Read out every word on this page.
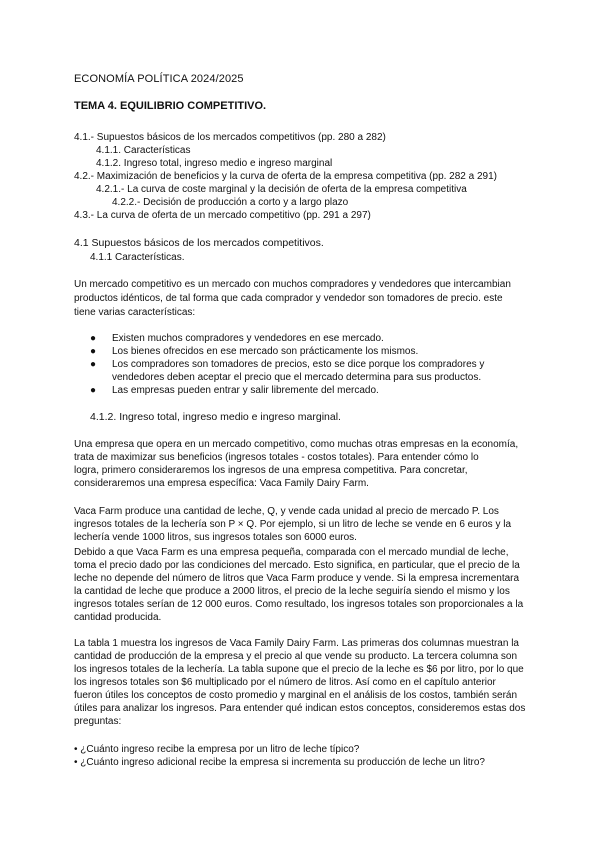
ECONOMÍA POLÍTICA 2024/2025
TEMA 4. EQUILIBRIO COMPETITIVO.
4.1.- Supuestos básicos de los mercados competitivos (pp. 280 a 282)
4.1.1. Características
4.1.2. Ingreso total, ingreso medio e ingreso marginal
4.2.- Maximización de beneficios y la curva de oferta de la empresa competitiva (pp. 282 a 291)
4.2.1.- La curva de coste marginal y la decisión de oferta de la empresa competitiva
4.2.2.- Decisión de producción a corto y a largo plazo
4.3.- La curva de oferta de un mercado competitivo (pp. 291 a 297)
4.1 Supuestos básicos de los mercados competitivos.
4.1.1 Características.
Un mercado competitivo es un mercado con muchos compradores y vendedores que intercambian
productos idénticos, de tal forma que cada comprador y vendedor son tomadores de precio. este
tiene varias características:
● Existen muchos compradores y vendedores en ese mercado.
● Los bienes ofrecidos en ese mercado son prácticamente los mismos.
● Los compradores son tomadores de precios, esto se dice porque los compradores y
vendedores deben aceptar el precio que el mercado determina para sus productos.
● Las empresas pueden entrar y salir libremente del mercado.
4.1.2. Ingreso total, ingreso medio e ingreso marginal.
Una empresa que opera en un mercado competitivo, como muchas otras empresas en la economía,
trata de maximizar sus beneficios (ingresos totales - costos totales). Para entender cómo lo
logra, primero consideraremos los ingresos de una empresa competitiva. Para concretar,
consideraremos una empresa específica: Vaca Family Dairy Farm.
Vaca Farm produce una cantidad de leche, Q, y vende cada unidad al precio de mercado P. Los
ingresos totales de la lechería son P × Q. Por ejemplo, si un litro de leche se vende en 6 euros y la
lechería vende 1000 litros, sus ingresos totales son 6000 euros.
Debido a que Vaca Farm es una empresa pequeña, comparada con el mercado mundial de leche,
toma el precio dado por las condiciones del mercado. Esto significa, en particular, que el precio de la
leche no depende del número de litros que Vaca Farm produce y vende. Si la empresa incrementara
la cantidad de leche que produce a 2000 litros, el precio de la leche seguiría siendo el mismo y los
ingresos totales serían de 12 000 euros. Como resultado, los ingresos totales son proporcionales a la
cantidad producida.
La tabla 1 muestra los ingresos de Vaca Family Dairy Farm. Las primeras dos columnas muestran la
cantidad de producción de la empresa y el precio al que vende su producto. La tercera columna son
los ingresos totales de la lechería. La tabla supone que el precio de la leche es $6 por litro, por lo que
los ingresos totales son $6 multiplicado por el número de litros. Así como en el capítulo anterior
fueron útiles los conceptos de costo promedio y marginal en el análisis de los costos, también serán
útiles para analizar los ingresos. Para entender qué indican estos conceptos, consideremos estas dos
preguntas:
• ¿Cuánto ingreso recibe la empresa por un litro de leche típico?
• ¿Cuánto ingreso adicional recibe la empresa si incrementa su producción de leche un litro?
